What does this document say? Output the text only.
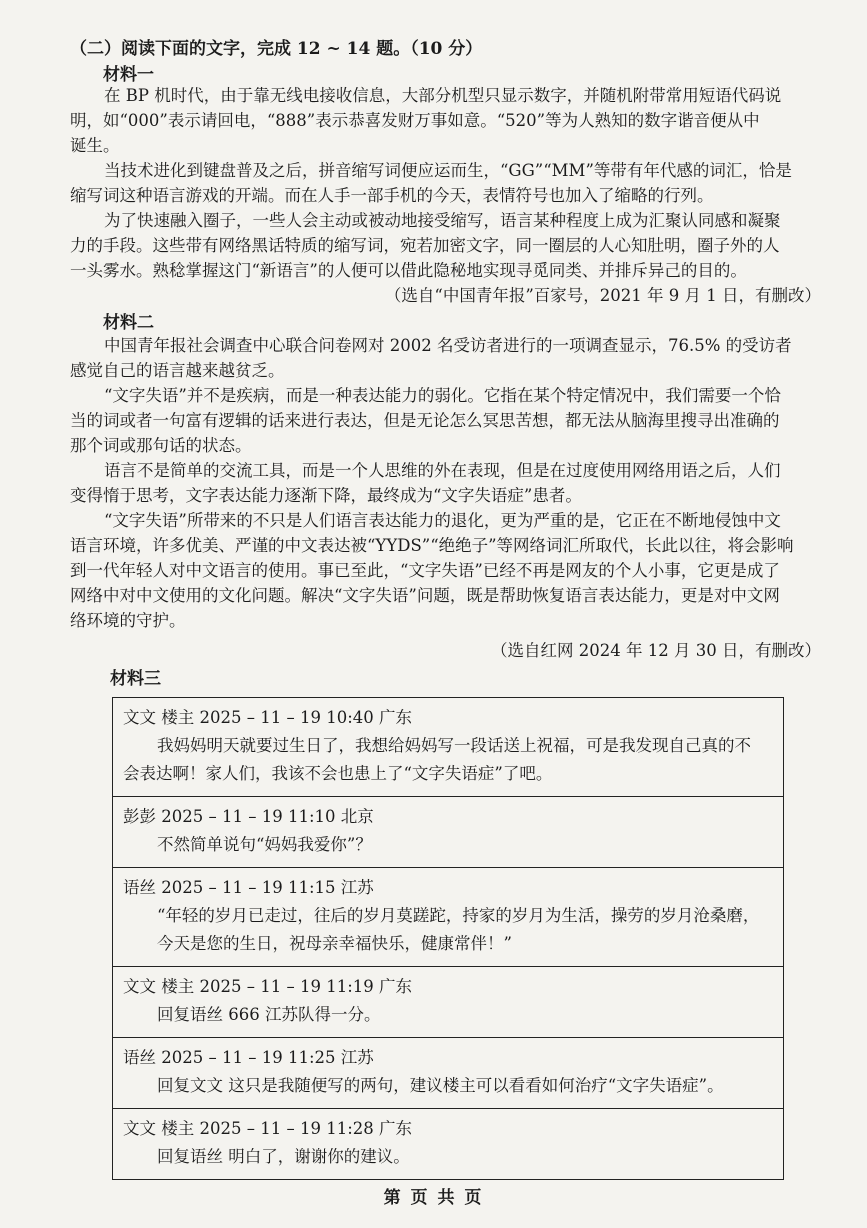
（二）阅读下面的文字，完成 12 ~ 14 题。（10 分）
材料一
在 BP 机时代，由于靠无线电接收信息，大部分机型只显示数字，并随机附带常用短语代码说
明，如“000”表示请回电，“888”表示恭喜发财万事如意。“520”等为人熟知的数字谐音便从中
诞生。
当技术进化到键盘普及之后，拼音缩写词便应运而生，“GG”“MM”等带有年代感的词汇，恰是
缩写词这种语言游戏的开端。而在人手一部手机的今天，表情符号也加入了缩略的行列。
为了快速融入圈子，一些人会主动或被动地接受缩写，语言某种程度上成为汇聚认同感和凝聚
力的手段。这些带有网络黑话特质的缩写词，宛若加密文字，同一圈层的人心知肚明，圈子外的人
一头雾水。熟稔掌握这门“新语言”的人便可以借此隐秘地实现寻觅同类、并排斥异己的目的。
（选自“中国青年报”百家号，2021 年 9 月 1 日，有删改）
材料二
中国青年报社会调查中心联合问卷网对 2002 名受访者进行的一项调查显示，76.5% 的受访者
感觉自己的语言越来越贫乏。
“文字失语”并不是疾病，而是一种表达能力的弱化。它指在某个特定情况中，我们需要一个恰
当的词或者一句富有逻辑的话来进行表达，但是无论怎么冥思苦想，都无法从脑海里搜寻出准确的
那个词或那句话的状态。
语言不是简单的交流工具，而是一个人思维的外在表现，但是在过度使用网络用语之后，人们
变得惰于思考，文字表达能力逐渐下降，最终成为“文字失语症”患者。
“文字失语”所带来的不只是人们语言表达能力的退化，更为严重的是，它正在不断地侵蚀中文
语言环境，许多优美、严谨的中文表达被“YYDS”“绝绝子”等网络词汇所取代，长此以往，将会影响
到一代年轻人对中文语言的使用。事已至此，“文字失语”已经不再是网友的个人小事，它更是成了
网络中对中文使用的文化问题。解决“文字失语”问题，既是帮助恢复语言表达能力，更是对中文网
络环境的守护。
（选自红网 2024 年 12 月 30 日，有删改）
材料三
文文 楼主 2025 – 11 – 19 10:40 广东
我妈妈明天就要过生日了，我想给妈妈写一段话送上祝福，可是我发现自己真的不
会表达啊！家人们，我该不会也患上了“文字失语症”了吧。

彭彭 2025 – 11 – 19 11:10 北京
不然简单说句“妈妈我爱你”？

语丝 2025 – 11 – 19 11:15 江苏
“年轻的岁月已走过，往后的岁月莫蹉跎，持家的岁月为生活，操劳的岁月沧桑磨，
今天是您的生日，祝母亲幸福快乐，健康常伴！”

文文 楼主 2025 – 11 – 19 11:19 广东
回复语丝 666 江苏队得一分。

语丝 2025 – 11 – 19 11:25 江苏
回复文文 这只是我随便写的两句，建议楼主可以看看如何治疗“文字失语症”。

文文 楼主 2025 – 11 – 19 11:28 广东
回复语丝 明白了，谢谢你的建议。
第 页 共 页
